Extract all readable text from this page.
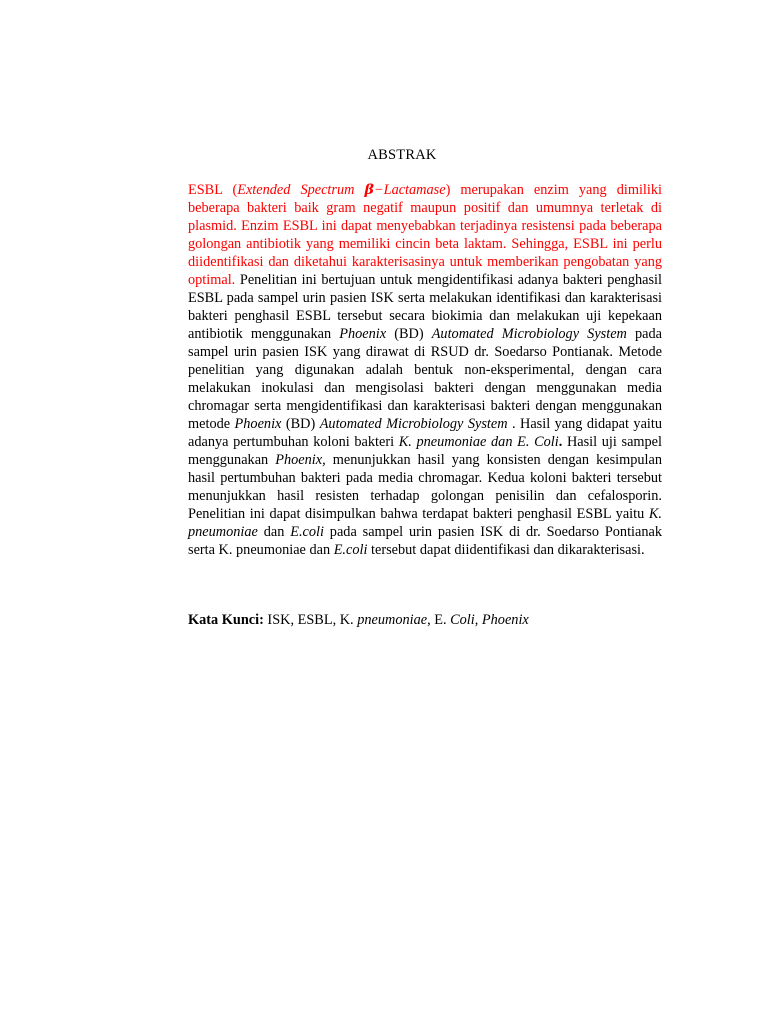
ABSTRAK

ESBL (Extended Spectrum β−Lactamase) merupakan enzim yang dimiliki beberapa bakteri baik gram negatif maupun positif dan umumnya terletak di plasmid. Enzim ESBL ini dapat menyebabkan terjadinya resistensi pada beberapa golongan antibiotik yang memiliki cincin beta laktam. Sehingga, ESBL ini perlu diidentifikasi dan diketahui karakterisasinya untuk memberikan pengobatan yang optimal. Penelitian ini bertujuan untuk mengidentifikasi adanya bakteri penghasil ESBL pada sampel urin pasien ISK serta melakukan identifikasi dan karakterisasi bakteri penghasil ESBL tersebut secara biokimia dan melakukan uji kepekaan antibiotik menggunakan Phoenix (BD) Automated Microbiology System pada sampel urin pasien ISK yang dirawat di RSUD dr. Soedarso Pontianak. Metode penelitian yang digunakan adalah bentuk non-eksperimental, dengan cara melakukan inokulasi dan mengisolasi bakteri dengan menggunakan media chromagar serta mengidentifikasi dan karakterisasi bakteri dengan menggunakan metode Phoenix (BD) Automated Microbiology System . Hasil yang didapat yaitu adanya pertumbuhan koloni bakteri K. pneumoniae dan E. Coli. Hasil uji sampel menggunakan Phoenix, menunjukkan hasil yang konsisten dengan kesimpulan hasil pertumbuhan bakteri pada media chromagar. Kedua koloni bakteri tersebut menunjukkan hasil resisten terhadap golongan penisilin dan cefalosporin. Penelitian ini dapat disimpulkan bahwa terdapat bakteri penghasil ESBL yaitu K. pneumoniae dan E.coli pada sampel urin pasien ISK di dr. Soedarso Pontianak serta K. pneumoniae dan E.coli tersebut dapat diidentifikasi dan dikarakterisasi.

Kata Kunci: ISK, ESBL, K. pneumoniae, E. Coli, Phoenix
